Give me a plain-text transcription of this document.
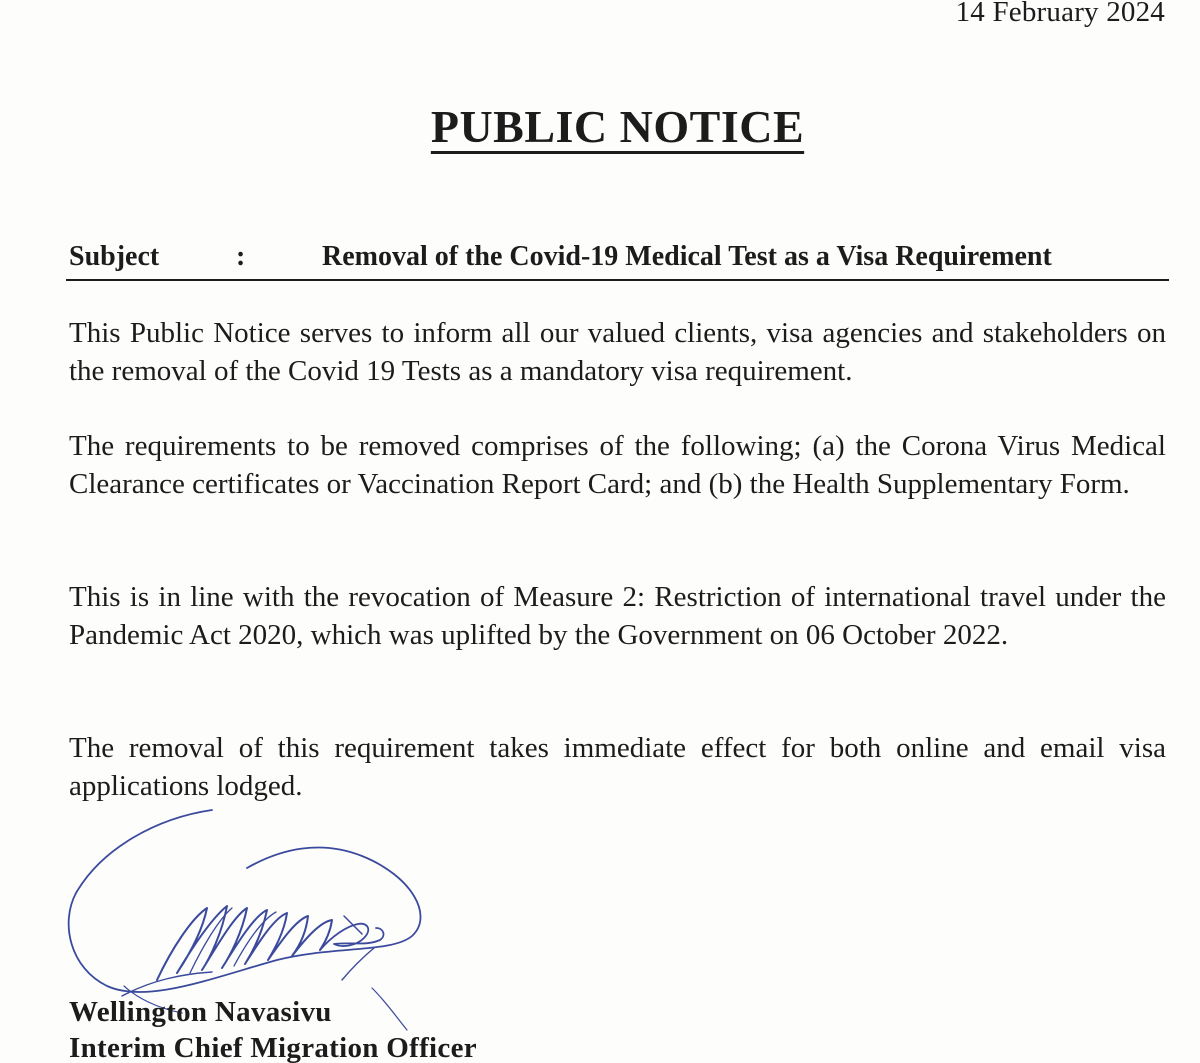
14 February 2024
PUBLIC NOTICE
Subject	:	Removal of the Covid-19 Medical Test as a Visa Requirement

This Public Notice serves to inform all our valued clients, visa agencies and stakeholders on the removal of the Covid 19 Tests as a mandatory visa requirement.

The requirements to be removed comprises of the following; (a) the Corona Virus Medical Clearance certificates or Vaccination Report Card; and (b) the Health Supplementary Form.

This is in line with the revocation of Measure 2: Restriction of international travel under the Pandemic Act 2020, which was uplifted by the Government on 06 October 2022.

The removal of this requirement takes immediate effect for both online and email visa applications lodged.

Wellington Navasivu
Interim Chief Migration Officer
